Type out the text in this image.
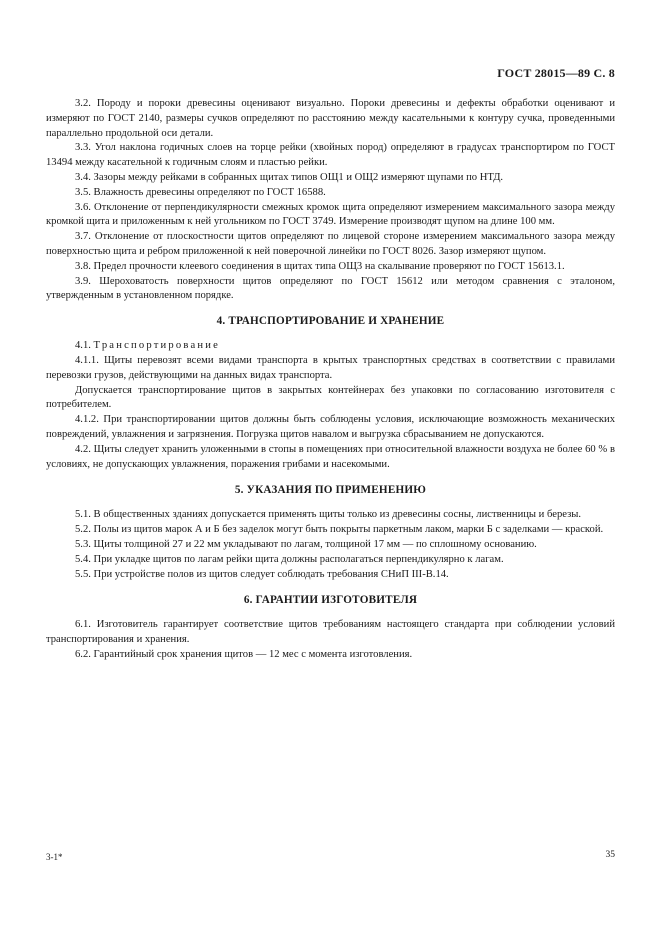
ГОСТ 28015—89 С. 8

3.2. Породу и пороки древесины оценивают визуально. Пороки древесины и дефекты обработки оценивают и измеряют по ГОСТ 2140, размеры сучков определяют по расстоянию между касательными к контуру сучка, проведенными параллельно продольной оси детали.

3.3. Угол наклона годичных слоев на торце рейки (хвойных пород) определяют в градусах транспортиром по ГОСТ 13494 между касательной к годичным слоям и пластью рейки.

3.4. Зазоры между рейками в собранных щитах типов ОЩ1 и ОЩ2 измеряют щупами по НТД.

3.5. Влажность древесины определяют по ГОСТ 16588.

3.6. Отклонение от перпендикулярности смежных кромок щита определяют измерением максимального зазора между кромкой щита и приложенным к ней угольником по ГОСТ 3749. Измерение производят щупом на длине 100 мм.

3.7. Отклонение от плоскостности щитов определяют по лицевой стороне измерением максимального зазора между поверхностью щита и ребром приложенной к ней поверочной линейки по ГОСТ 8026. Зазор измеряют щупом.

3.8. Предел прочности клеевого соединения в щитах типа ОЩ3 на скалывание проверяют по ГОСТ 15613.1.

3.9. Шероховатость поверхности щитов определяют по ГОСТ 15612 или методом сравнения с эталоном, утвержденным в установленном порядке.

4. ТРАНСПОРТИРОВАНИЕ И ХРАНЕНИЕ

4.1. Транспортирование

4.1.1. Щиты перевозят всеми видами транспорта в крытых транспортных средствах в соответствии с правилами перевозки грузов, действующими на данных видах транспорта.

Допускается транспортирование щитов в закрытых контейнерах без упаковки по согласованию изготовителя с потребителем.

4.1.2. При транспортировании щитов должны быть соблюдены условия, исключающие возможность механических повреждений, увлажнения и загрязнения. Погрузка щитов навалом и выгрузка сбрасыванием не допускаются.

4.2. Щиты следует хранить уложенными в стопы в помещениях при относительной влажности воздуха не более 60 % в условиях, не допускающих увлажнения, поражения грибами и насекомыми.

5. УКАЗАНИЯ ПО ПРИМЕНЕНИЮ

5.1. В общественных зданиях допускается применять щиты только из древесины сосны, лиственницы и березы.

5.2. Полы из щитов марок А и Б без заделок могут быть покрыты паркетным лаком, марки Б с заделками — краской.

5.3. Щиты толщиной 27 и 22 мм укладывают по лагам, толщиной 17 мм — по сплошному основанию.

5.4. При укладке щитов по лагам рейки щита должны располагаться перпендикулярно к лагам.

5.5. При устройстве полов из щитов следует соблюдать требования СНиП III-В.14.

6. ГАРАНТИИ ИЗГОТОВИТЕЛЯ

6.1. Изготовитель гарантирует соответствие щитов требованиям настоящего стандарта при соблюдении условий транспортирования и хранения.

6.2. Гарантийный срок хранения щитов — 12 мес с момента изготовления.

3-1*	35
